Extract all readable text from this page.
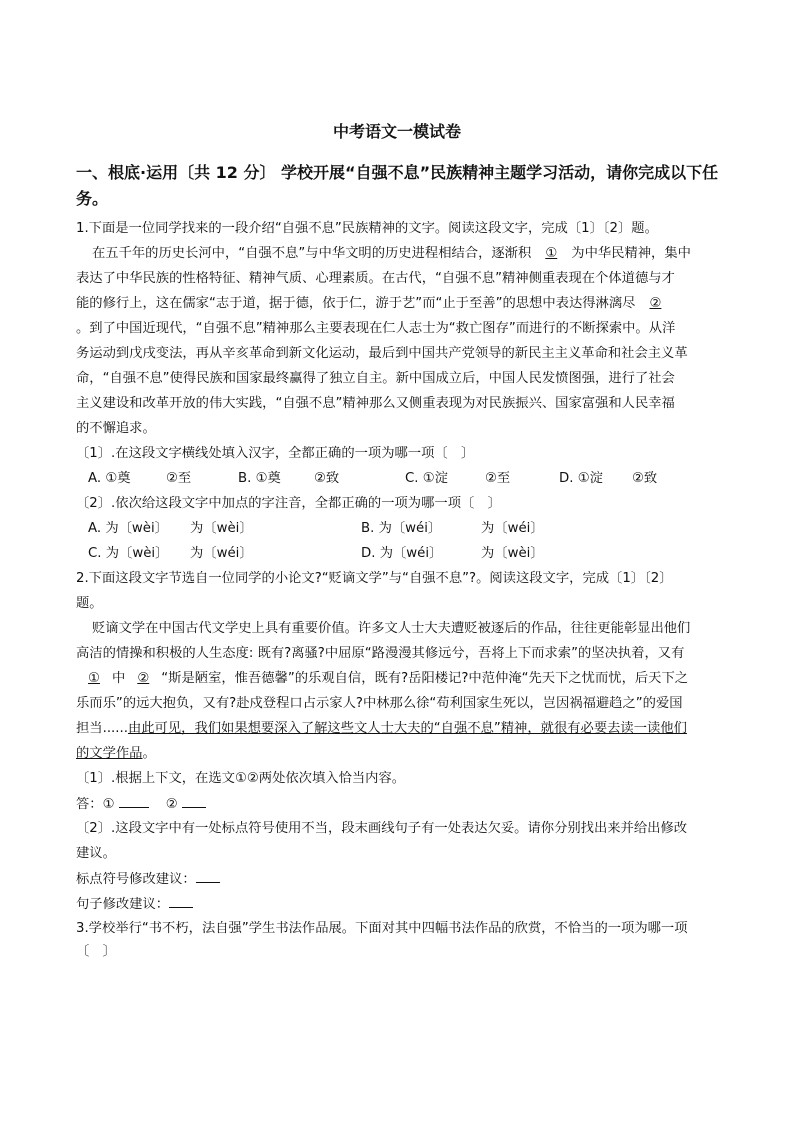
中考语文一模试卷
一、根底·运用〔共 12 分〕 学校开展“自强不息”民族精神主题学习活动，请你完成以下任
务。
1.下面是一位同学找来的一段介绍“自强不息”民族精神的文字。阅读这段文字，完成〔1〕〔2〕题。
在五千年的历史长河中，“自强不息”与中华文明的历史进程相结合，逐渐积 ① 为中华民精神，集中
表达了中华民族的性格特征、精神气质、心理素质。在古代，“自强不息”精神侧重表现在个体道德与才
能的修行上，这在儒家“志于道，据于德，依于仁，游于艺”而“止于至善”的思想中表达得淋漓尽 ②
。到了中国近现代，“自强不息”精神那么主要表现在仁人志士为“救亡图存”而进行的不断探索中。从洋
务运动到戊戌变法，再从辛亥革命到新文化运动，最后到中国共产党领导的新民主主义革命和社会主义革
命，“自强不息”使得民族和国家最终赢得了独立自主。新中国成立后，中国人民发愤图强，进行了社会
主义建设和改革开放的伟大实践，“自强不息”精神那么又侧重表现为对民族振兴、国家富强和人民幸福
的不懈追求。
〔1〕.在这段文字横线处填入汉字，全都正确的一项为哪一项〔　〕
A. ①奠	②至	B. ①奠 ②致	C. ①淀	②至	D. ①淀 ②致
〔2〕.依次给这段文字中加点的字注音，全都正确的一项为哪一项〔　〕
A. 为〔wèi〕 为〔wèi〕	B. 为〔wéi〕	为〔wéi〕
C. 为〔wèi〕 为〔wéi〕	D. 为〔wéi〕	为〔wèi〕
2.下面这段文字节选自一位同学的小论文?“贬谪文学”与“自强不息”?。阅读这段文字，完成〔1〕〔2〕
题。
贬谪文学在中国古代文学史上具有重要价值。许多文人士大夫遭贬被逐后的作品，往往更能彰显出他们
高洁的情操和积极的人生态度: 既有?离骚?中屈原“路漫漫其修远兮，吾将上下而求索”的坚决执着，又有
① 中 ② “斯是陋室，惟吾德馨”的乐观自信，既有?岳阳楼记?中范仲淹“先天下之忧而忧，后天下之
乐而乐”的远大抱负，又有?赴戍登程口占示家人?中林那么徐“苟利国家生死以，岂因祸福避趋之”的爱国
担当......由此可见，我们如果想要深入了解这些文人士大夫的“自强不息”精神，就很有必要去读一读他们
的文学作品。
〔1〕.根据上下文，在选文①②两处依次填入恰当内容。
答：①	　②
〔2〕.这段文字中有一处标点符号使用不当，段末画线句子有一处表达欠妥。请你分别找出来并给出修改
建议。
标点符号修改建议：
句子修改建议：
3.学校举行“书不朽，法自强”学生书法作品展。下面对其中四幅书法作品的欣赏，不恰当的一项为哪一项
〔　〕
